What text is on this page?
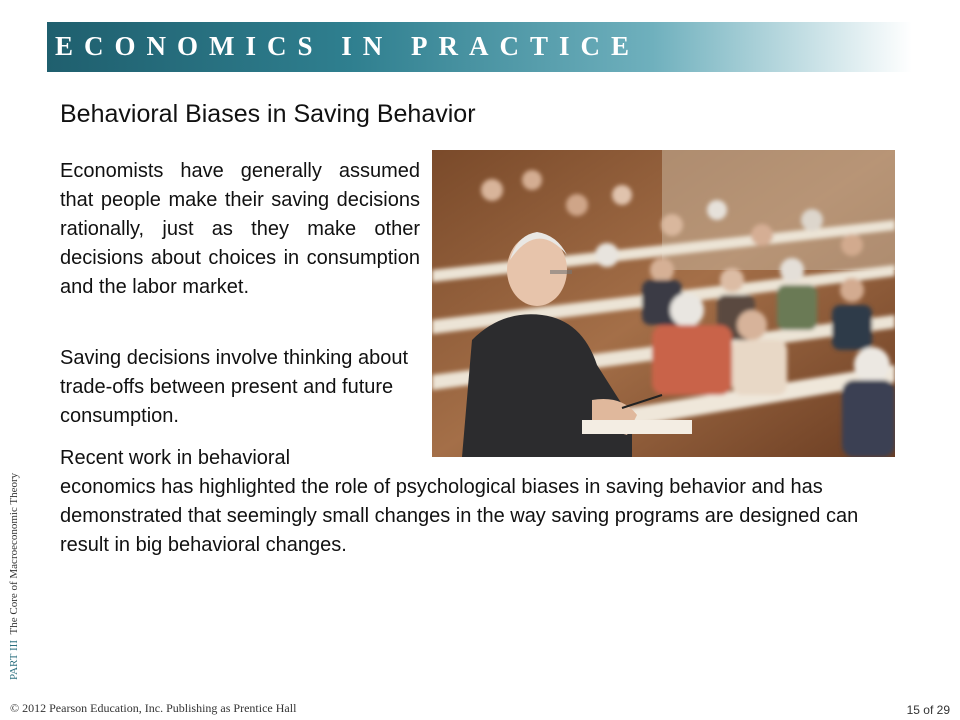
ECONOMICS IN PRACTICE
Behavioral Biases in Saving Behavior

Economists have generally assumed that people make their saving decisions rationally, just as they make other decisions about choices in consumption and the labor market.

Saving decisions involve thinking about trade-offs between present and future consumption.

Recent work in behavioral
economics has highlighted the role of psychological biases in saving behavior and has demonstrated that seemingly small changes in the way saving programs are designed can result in big behavioral changes.

PART III  The Core of Macroeconomic Theory
© 2012 Pearson Education, Inc. Publishing as Prentice Hall	15 of 29
